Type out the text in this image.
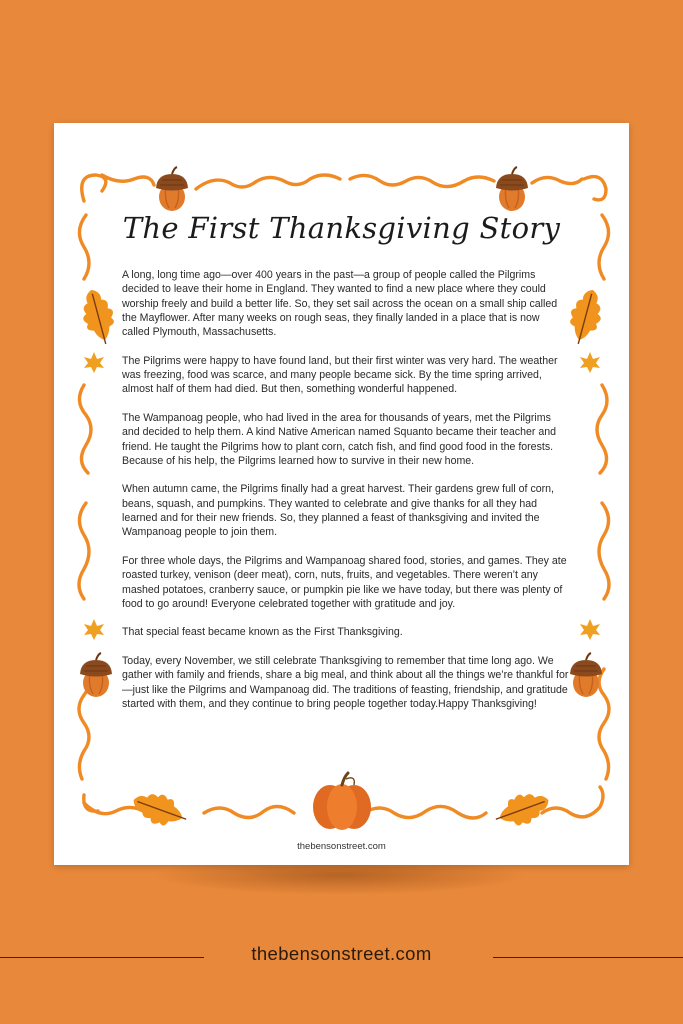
The First Thanksgiving Story

A long, long time ago—over 400 years in the past—a group of people called the Pilgrims decided to leave their home in England. They wanted to find a new place where they could worship freely and build a better life. So, they set sail across the ocean on a small ship called the Mayflower. After many weeks on rough seas, they finally landed in a place that is now called Plymouth, Massachusetts.

The Pilgrims were happy to have found land, but their first winter was very hard. The weather was freezing, food was scarce, and many people became sick. By the time spring arrived, almost half of them had died. But then, something wonderful happened.

The Wampanoag people, who had lived in the area for thousands of years, met the Pilgrims and decided to help them. A kind Native American named Squanto became their teacher and friend. He taught the Pilgrims how to plant corn, catch fish, and find good food in the forests. Because of his help, the Pilgrims learned how to survive in their new home.

When autumn came, the Pilgrims finally had a great harvest. Their gardens grew full of corn, beans, squash, and pumpkins. They wanted to celebrate and give thanks for all they had learned and for their new friends. So, they planned a feast of thanksgiving and invited the Wampanoag people to join them.

For three whole days, the Pilgrims and Wampanoag shared food, stories, and games. They ate roasted turkey, venison (deer meat), corn, nuts, fruits, and vegetables. There weren’t any mashed potatoes, cranberry sauce, or pumpkin pie like we have today, but there was plenty of food to go around! Everyone celebrated together with gratitude and joy.

That special feast became known as the First Thanksgiving.

Today, every November, we still celebrate Thanksgiving to remember that time long ago. We gather with family and friends, share a big meal, and think about all the things we’re thankful for—just like the Pilgrims and Wampanoag did. The traditions of feasting, friendship, and gratitude started with them, and they continue to bring people together today.Happy Thanksgiving!

thebensonstreet.com
thebensonstreet.com
